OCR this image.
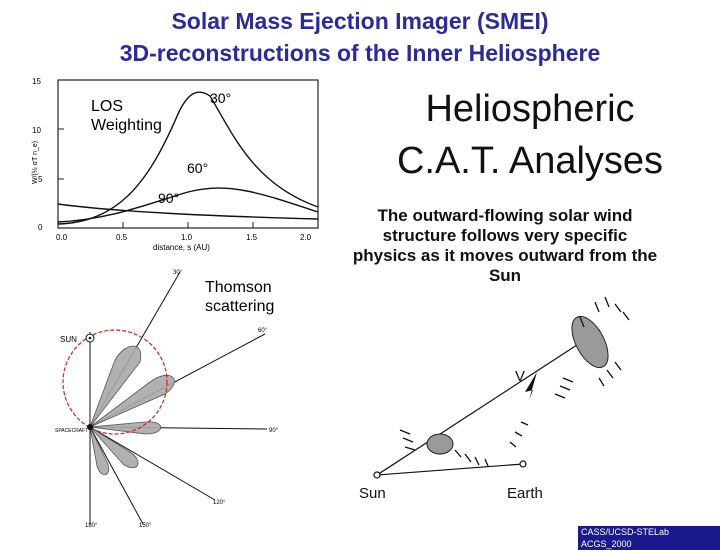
Solar Mass Ejection Imager (SMEI)
3D-reconstructions of the Inner Heliosphere
Heliospheric
C.A.T. Analyses
The outward-flowing solar wind structure follows very specific physics as it moves outward from the Sun
15
10
5
0
0.0	0.5	1.0	1.5	2.0
distance, s (AU)
W/(½ σT n_e)
LOS Weighting
30°
60°
90°
Thomson scattering
SUN
SPACECRAFT
30°
60°
90°
120°
150°
180°
V
Sun	Earth
CASS/UCSD-STELab ACGS_2000
